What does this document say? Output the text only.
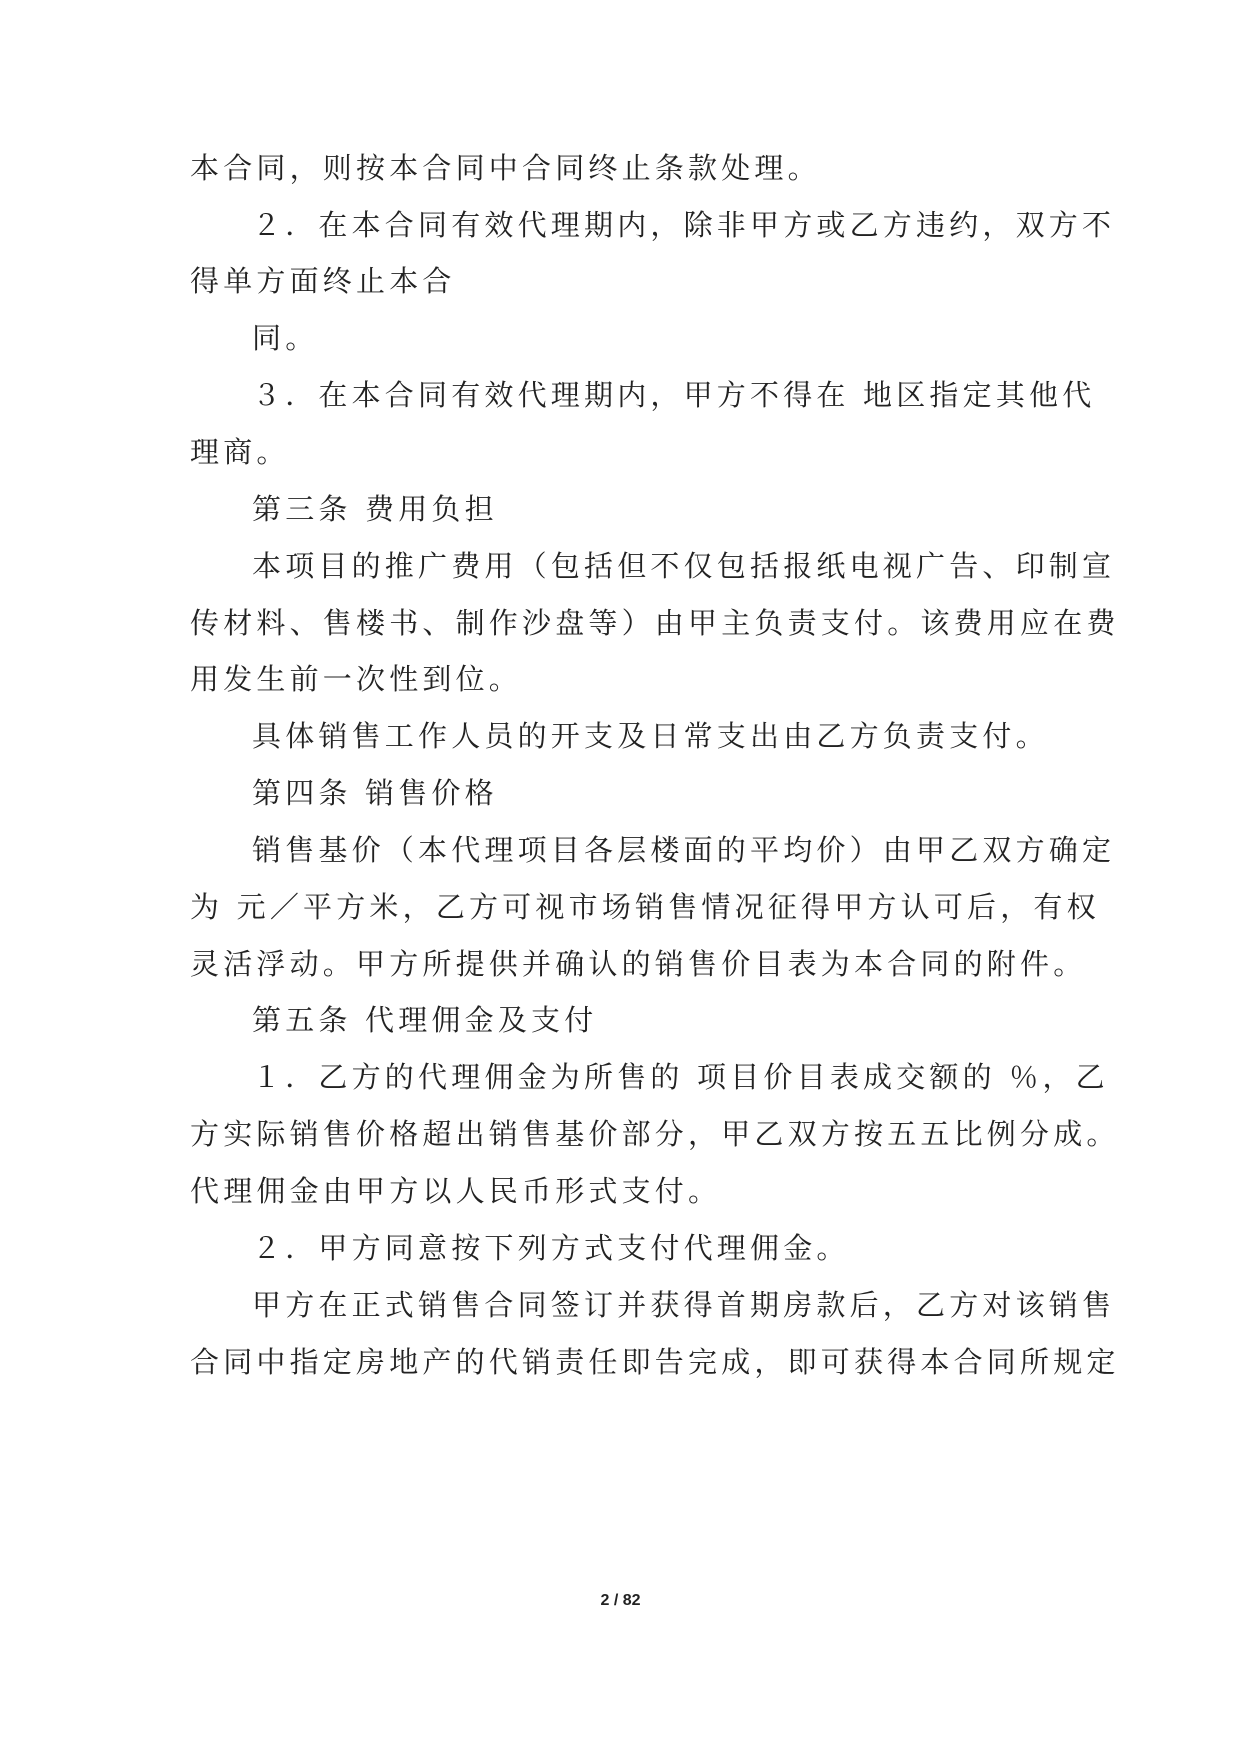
本合同，则按本合同中合同终止条款处理。
２．在本合同有效代理期内，除非甲方或乙方违约，双方不
得单方面终止本合
同。
３．在本合同有效代理期内，甲方不得在 地区指定其他代
理商。
第三条 费用负担
本项目的推广费用（包括但不仅包括报纸电视广告、印制宣
传材料、售楼书、制作沙盘等）由甲主负责支付。该费用应在费
用发生前一次性到位。
具体销售工作人员的开支及日常支出由乙方负责支付。
第四条 销售价格
销售基价（本代理项目各层楼面的平均价）由甲乙双方确定
为 元／平方米，乙方可视市场销售情况征得甲方认可后，有权
灵活浮动。甲方所提供并确认的销售价目表为本合同的附件。
第五条 代理佣金及支付
１．乙方的代理佣金为所售的 项目价目表成交额的 ％，乙
方实际销售价格超出销售基价部分，甲乙双方按五五比例分成。
代理佣金由甲方以人民币形式支付。
２．甲方同意按下列方式支付代理佣金。
甲方在正式销售合同签订并获得首期房款后，乙方对该销售
合同中指定房地产的代销责任即告完成，即可获得本合同所规定
2 / 82
